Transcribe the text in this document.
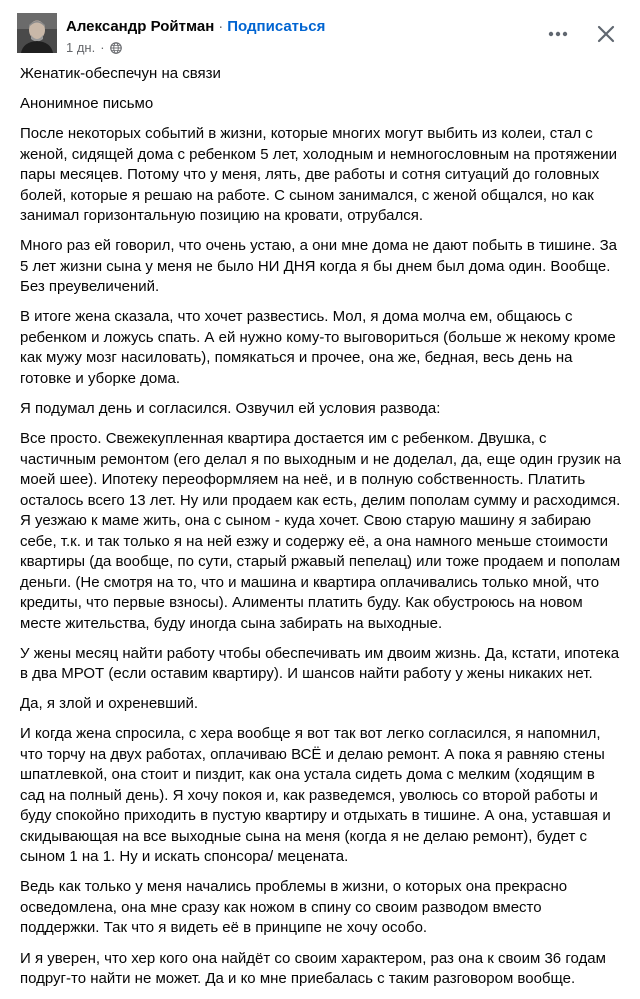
Александр Ройтман · Подписаться
1 дн. ·

Женатик-обеспечун на связи

Анонимное письмо

После некоторых событий в жизни, которые многих могут выбить из колеи, стал с женой, сидящей дома с ребенком 5 лет, холодным и немногословным на протяжении пары месяцев. Потому что у меня, лять, две работы и сотня ситуаций до головных болей, которые я решаю на работе. С сыном занимался, с женой общался, но как занимал горизонтальную позицию на кровати, отрубался.

Много раз ей говорил, что очень устаю, а они мне дома не дают побыть в тишине. За 5 лет жизни сына у меня не было НИ ДНЯ когда я бы днем был дома один. Вообще. Без преувеличений.

В итоге жена сказала, что хочет развестись. Мол, я дома молча ем, общаюсь с ребенком и ложусь спать. А ей нужно кому-то выговориться (больше ж некому кроме как мужу мозг насиловать), помякаться и прочее, она же, бедная, весь день на готовке и уборке дома.

Я подумал день и согласился. Озвучил ей условия развода:

Все просто. Свежекупленная квартира достается им с ребенком. Двушка, с частичным ремонтом (его делал я по выходным и не доделал, да, еще один грузик на моей шее). Ипотеку переоформляем на неё, и в полную собственность. Платить осталось всего 13 лет. Ну или продаем как есть, делим пополам сумму и расходимся. Я уезжаю к маме жить, она с сыном - куда хочет. Свою старую машину я забираю себе, т.к. и так только я на ней езжу и содержу её, а она намного меньше стоимости квартиры (да вообще, по сути, старый ржавый пепелац) или тоже продаем и пополам деньги. (Не смотря на то, что и машина и квартира оплачивались только мной, что кредиты, что первые взносы). Алименты платить буду. Как обустроюсь на новом месте жительства, буду иногда сына забирать на выходные.

У жены месяц найти работу чтобы обеспечивать им двоим жизнь. Да, кстати, ипотека в два МРОТ (если оставим квартиру). И шансов найти работу у жены никаких нет.

Да, я злой и охреневший.

И когда жена спросила, с хера вообще я вот так вот легко согласился, я напомнил, что торчу на двух работах, оплачиваю ВСЁ и делаю ремонт. А пока я равняю стены шпатлевкой, она стоит и пиздит, как она устала сидеть дома с мелким (ходящим в сад на полный день). Я хочу покоя и, как разведемся, уволюсь со второй работы и буду спокойно приходить в пустую квартиру и отдыхать в тишине. А она, уставшая и скидывающая на все выходные сына на меня (когда я не делаю ремонт), будет с сыном 1 на 1. Ну и искать спонсора/ мецената.

Ведь как только у меня начались проблемы в жизни, о которых она прекрасно осведомлена, она мне сразу как ножом в спину со своим разводом вместо поддержки. Так что я видеть её в принципе не хочу особо.

И я уверен, что хер кого она найдёт со своим характером, раз она к своим 36 годам подруг-то найти не может. Да и ко мне приебалась с таким разговором вообще.
